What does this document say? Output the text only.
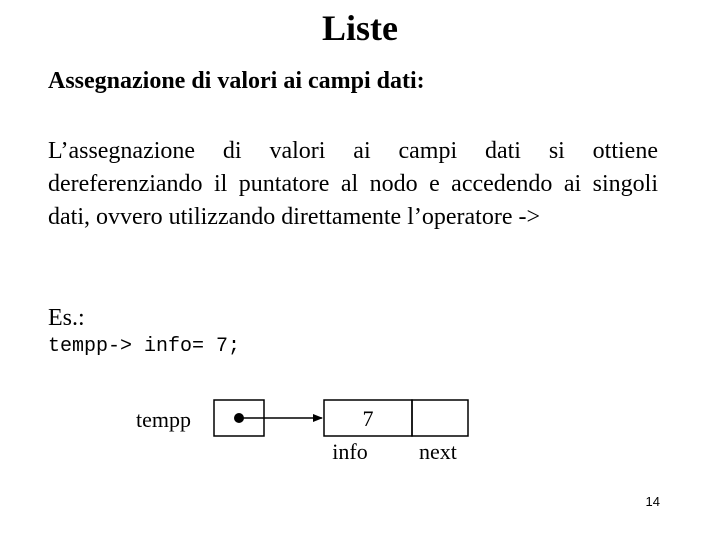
Liste
Assegnazione di valori ai campi dati:

L’assegnazione di valori ai campi dati si ottiene dereferenziando il puntatore al nodo e accedendo ai singoli dati, ovvero utilizzando direttamente l’operatore ->

Es.:
tempp-> info= 7;
tempp	7
info	next
14
